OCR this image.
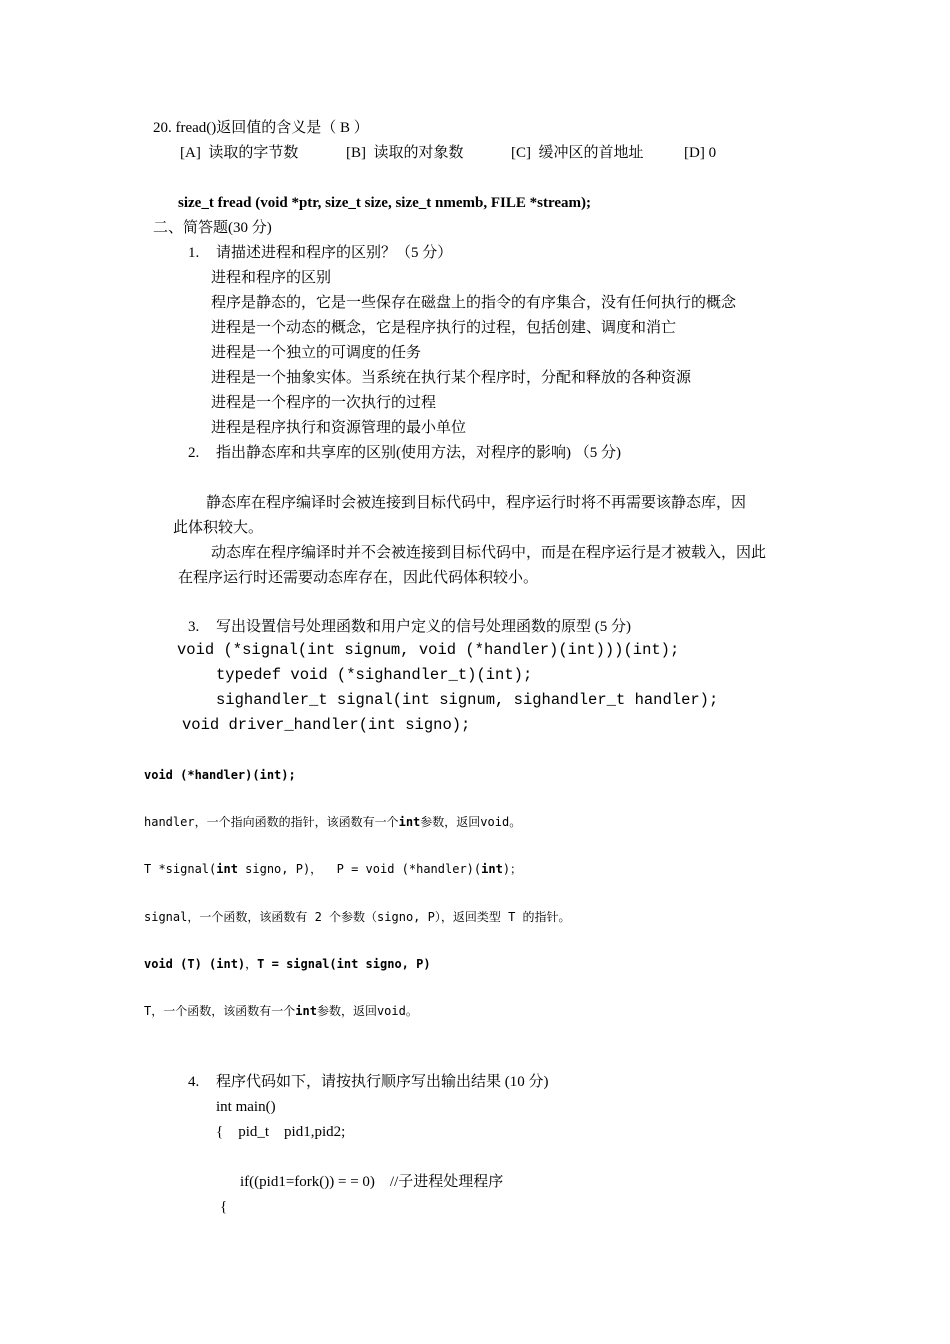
20. fread()返回值的含义是（ B ）
[A]  读取的字节数	[B]  读取的对象数	[C]  缓冲区的首地址	[D] 0
size_t fread (void *ptr, size_t size, size_t nmemb, FILE *stream);
二、简答题(30 分)
1. 请描述进程和程序的区别？（5 分）
进程和程序的区别
程序是静态的，它是一些保存在磁盘上的指令的有序集合，没有任何执行的概念
进程是一个动态的概念，它是程序执行的过程，包括创建、调度和消亡
进程是一个独立的可调度的任务
进程是一个抽象实体。当系统在执行某个程序时，分配和释放的各种资源
进程是一个程序的一次执行的过程
进程是程序执行和资源管理的最小单位
2. 指出静态库和共享库的区别(使用方法，对程序的影响) （5 分)
静态库在程序编译时会被连接到目标代码中，程序运行时将不再需要该静态库，因
此体积较大。
动态库在程序编译时并不会被连接到目标代码中，而是在程序运行是才被载入，因此
在程序运行时还需要动态库存在，因此代码体积较小。
3. 写出设置信号处理函数和用户定义的信号处理函数的原型 (5 分)
void (*signal(int signum, void (*handler)(int)))(int);
typedef void (*sighandler_t)(int);
sighandler_t signal(int signum, sighandler_t handler);
void driver_handler(int signo);
void (*handler)(int);
handler，一个指向函数的指针，该函数有一个int参数，返回void。
T *signal(int signo, P)，  P = void (*handler)(int)；
signal，一个函数，该函数有 2 个参数（signo, P），返回类型 T 的指针。
void (T) (int)，T = signal(int signo, P)
T，一个函数，该函数有一个int参数，返回void。
4. 程序代码如下，请按执行顺序写出输出结果 (10 分)
int main()
{    pid_t    pid1,pid2;
if((pid1=fork()) = = 0)    //子进程处理程序
{
